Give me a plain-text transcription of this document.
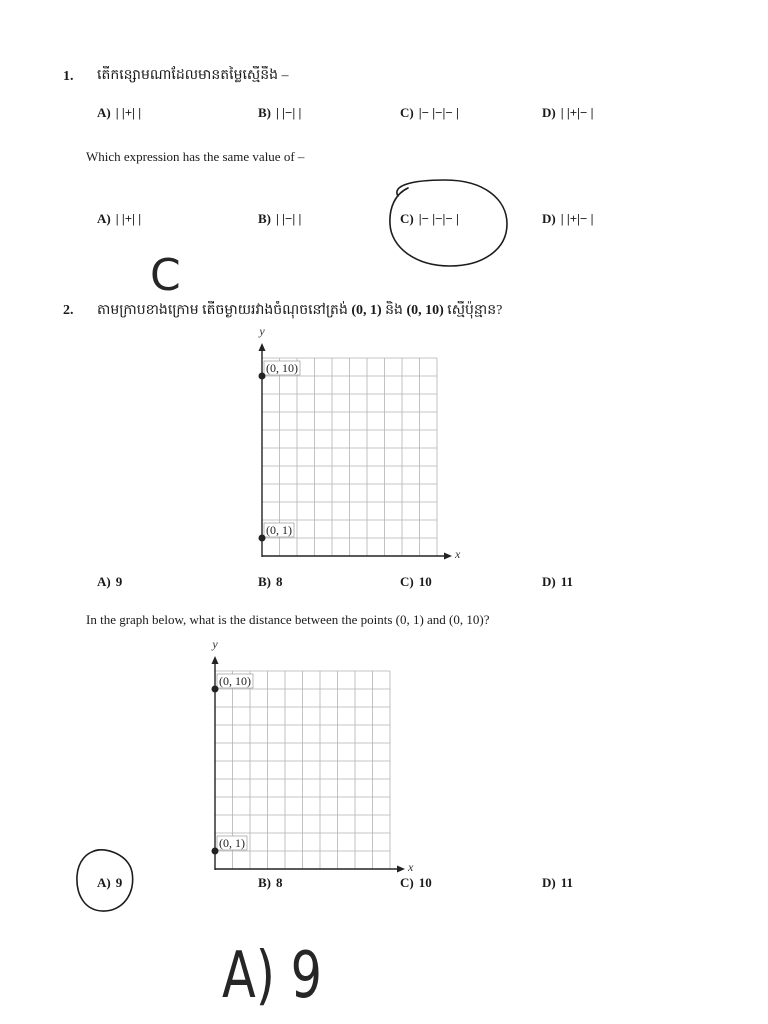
1. តើកន្សោមណាដែលមានតម្លៃស្មើនឹង –
A) | |+| |	B) | |−| |	C) |− |−|− |	D) | |+|− |
Which expression has the same value of –
A) | |+| |	B) | |−| |	C) |− |−|− |	D) | |+|− |
2. តាមក្រាបខាងក្រោម តើចម្ងាយរវាងចំណុចនៅត្រង់ (0, 1) និង (0, 10) ស្មើប៉ុន្មាន?
x
y
(0, 10)
(0, 1)
A) 9	B) 8	C) 10	D) 11
In the graph below, what is the distance between the points (0, 1) and (0, 10)?
x
y
(0, 10)
(0, 1)
A) 9	B) 8	C) 10	D) 11
C
A) 9
